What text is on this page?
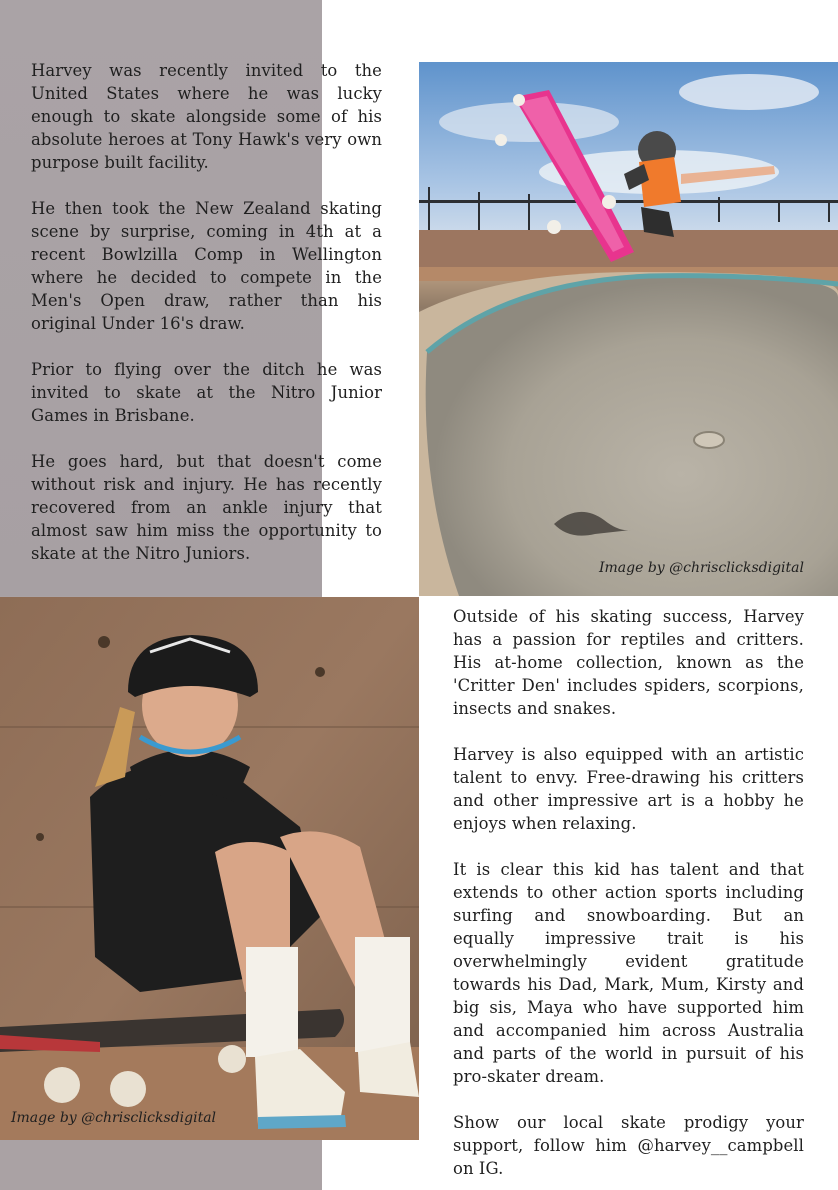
Harvey was recently invited to the United States where he was lucky enough to skate alongside some of his absolute heroes at Tony Hawk's very own purpose built facility.

He then took the New Zealand skating scene by surprise, coming in 4th at a recent Bowlzilla Comp in Wellington where he decided to compete in the Men's Open draw, rather than his original Under 16's draw.

Prior to flying over the ditch he was invited to skate at the Nitro Junior Games in Brisbane.

He goes hard, but that doesn't come without risk and injury. He has recently recovered from an ankle injury that almost saw him miss the opportunity to skate at the Nitro Juniors.

Image by @chrisclicksdigital
Image by @chrisclicksdigital

Outside of his skating success, Harvey has a passion for reptiles and critters. His at-home collection, known as the 'Critter Den' includes spiders, scorpions, insects and snakes.

Harvey is also equipped with an artistic talent to envy. Free-drawing his critters and other impressive art is a hobby he enjoys when relaxing.

It is clear this kid has talent and that extends to other action sports including surfing and snowboarding. But an equally impressive trait is his overwhelmingly evident gratitude towards his Dad, Mark, Mum, Kirsty and big sis, Maya who have supported him and accompanied him across Australia and parts of the world in pursuit of his pro-skater dream.

Show our local skate prodigy your support, follow him @harvey__campbell on IG.
